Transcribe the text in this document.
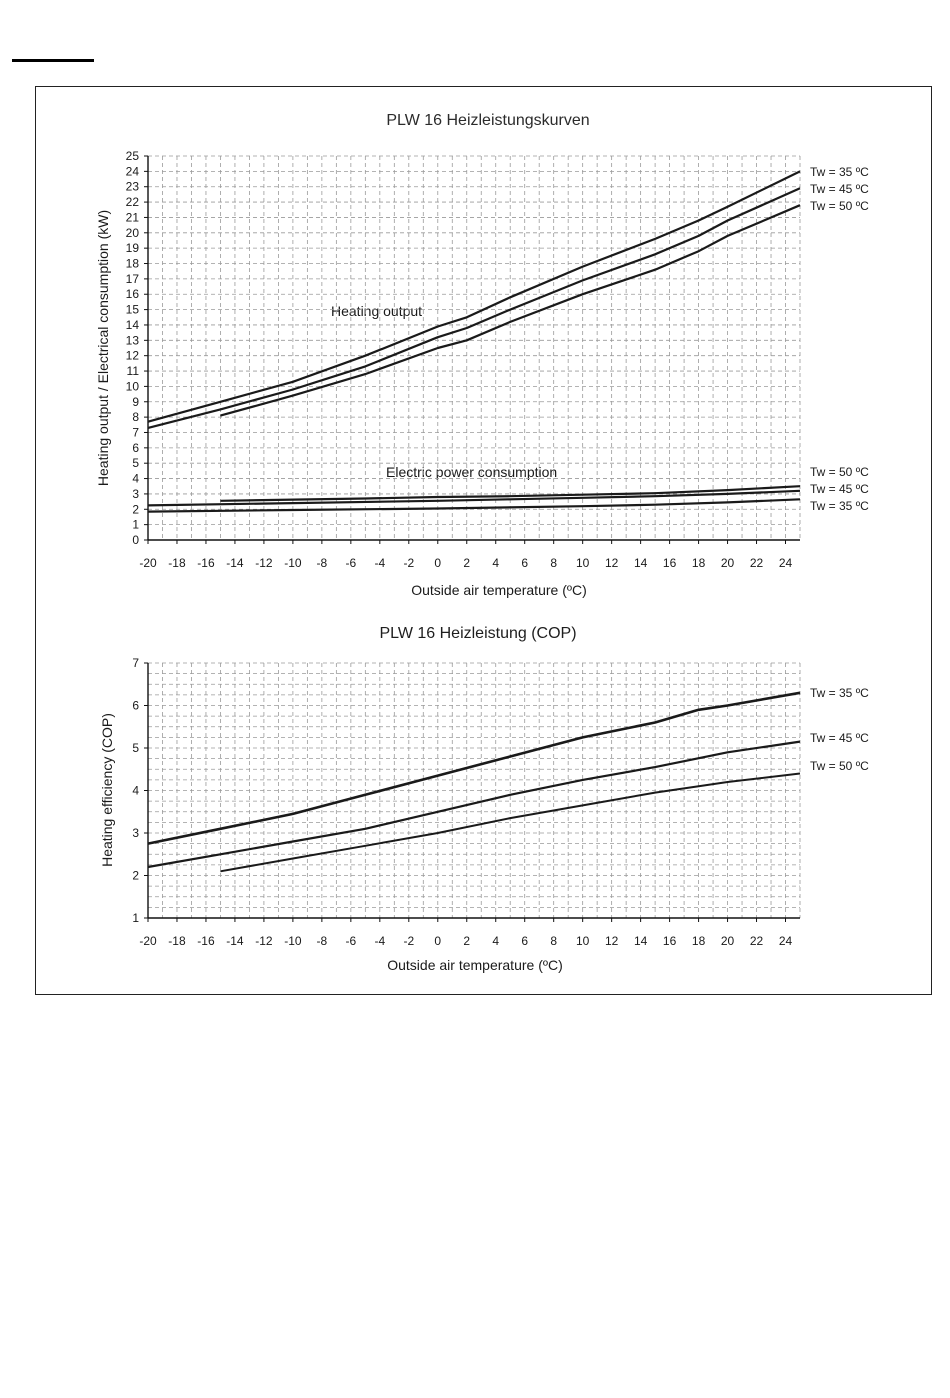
PLW 16 Heizleistungskurven
Heating output / Electrical consumption (kW)
Outside air temperature (ºC)
Heating output
Electric power consumption
PLW 16 Heizleistung (COP)
Heating efficiency (COP)
Outside air temperature (ºC)
0
1
2
3
4
5
6
7
8
9
10
11
12
13
14
15
16
17
18
19
20
21
22
23
24
25
-20 -18 -16 -14 -12 -10 -8 -6 -4 -2 0 2 4 6 8 10 12 14 16 18 20 22 24
Tw = 35 ºC
Tw = 45 ºC
Tw = 50 ºC
Tw = 50 ºC
Tw = 45 ºC
Tw = 35 ºC
1
2
3
4
5
6
7
-20 -18 -16 -14 -12 -10 -8 -6 -4 -2 0 2 4 6 8 10 12 14 16 18 20 22 24
Tw = 35 ºC
Tw = 45 ºC
Tw = 50 ºC
